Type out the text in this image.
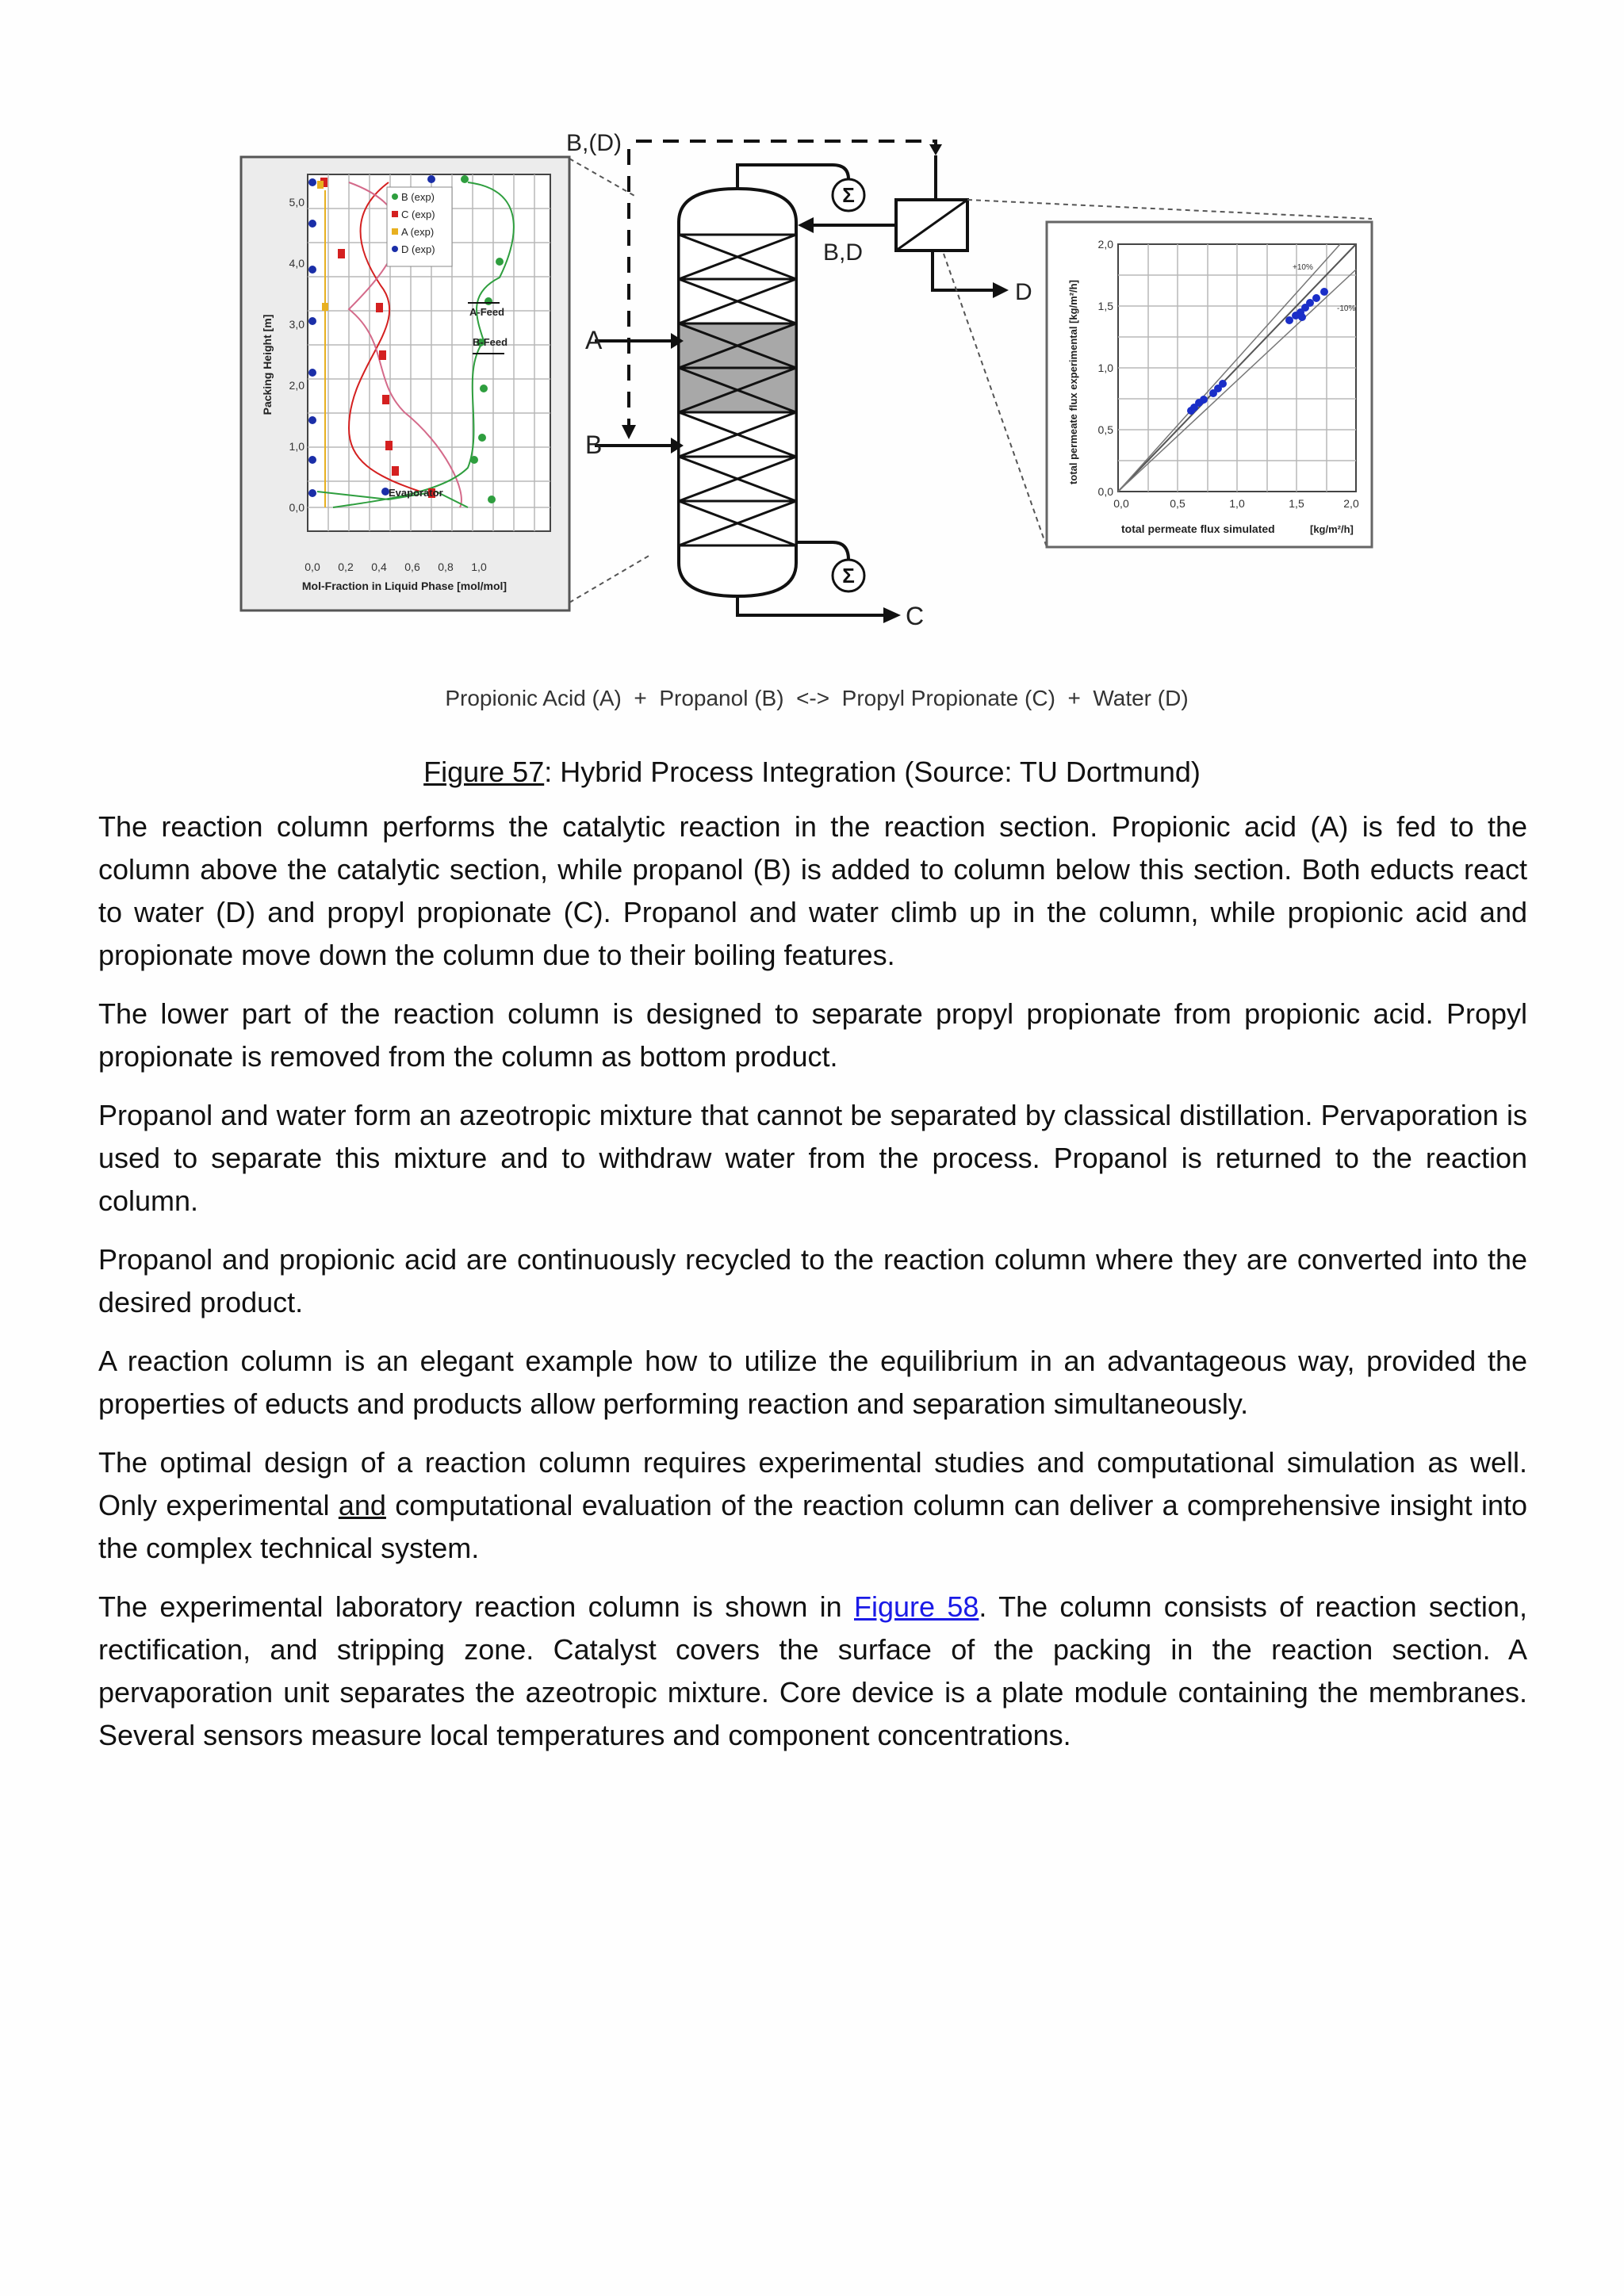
B (exp)
C (exp)
A (exp)
D (exp)
A-Feed
B-Feed
Evaporator
0,0
1,0
2,0
3,0
4,0
5,0
0,0 0,2 0,4 0,6 0,8 1,0
Mol-Fraction in Liquid Phase [mol/mol]
Packing Height [m]
B,(D)
Σ
B,D
D
A
B
Σ
C
+10%
-10%
0,0
0,5
1,0
1,5
2,0
0,0	0,5	1,0	1,5	2,0
total permeate flux simulated	[kg/m²/h]
total permeate flux experimental [kg/m²/h]
Propionic Acid (A)  +  Propanol (B)  <->  Propyl Propionate (C)  +  Water (D)
Figure 57: Hybrid Process Integration (Source: TU Dortmund)

The reaction column performs the catalytic reaction in the reaction section. Propionic acid (A) is fed to the column above the catalytic section, while propanol (B) is added to column below this section. Both educts react to water (D) and propyl propionate (C). Propanol and water climb up in the column, while propionic acid and propionate move down the column due to their boiling features.

The lower part of the reaction column is designed to separate propyl propionate from propionic acid. Propyl propionate is removed from the column as bottom product.

Propanol and water form an azeotropic mixture that cannot be separated by classical distillation. Pervaporation is used to separate this mixture and to withdraw water from the process. Propanol is returned to the reaction column.

Propanol and propionic acid are continuously recycled to the reaction column where they are converted into the desired product.

A reaction column is an elegant example how to utilize the equilibrium in an advantageous way, provided the properties of educts and products allow performing reaction and separation simultaneously.

The optimal design of a reaction column requires experimental studies and computational simulation as well. Only experimental and computational evaluation of the reaction column can deliver a comprehensive insight into the complex technical system.

The experimental laboratory reaction column is shown in Figure 58. The column consists of reaction section, rectification, and stripping zone. Catalyst covers the surface of the packing in the reaction section. A pervaporation unit separates the azeotropic mixture. Core device is a plate module containing the membranes. Several sensors measure local temperatures and component concentrations.
